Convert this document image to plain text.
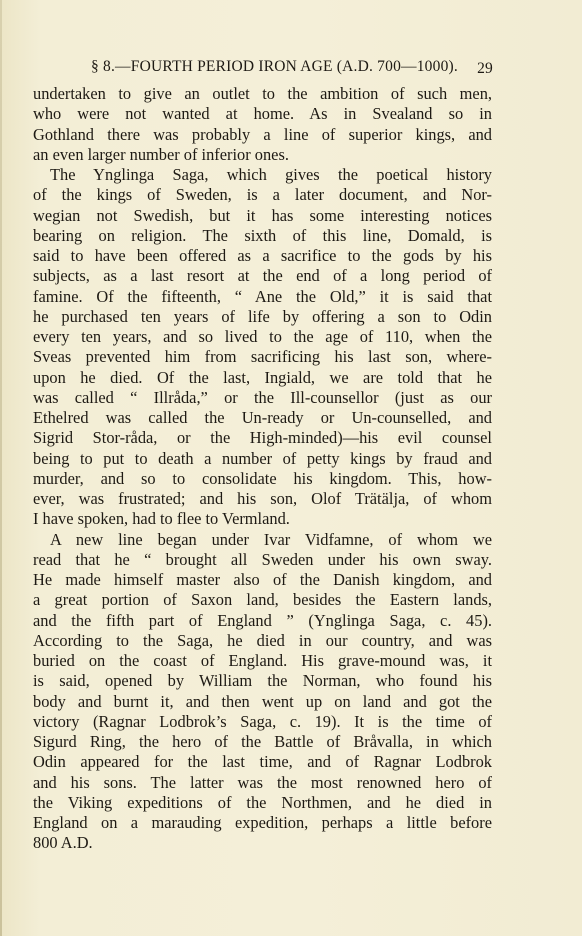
§ 8.—FOURTH PERIOD IRON AGE (A.D. 700—1000). 29
undertaken to give an outlet to the ambition of such men,
who were not wanted at home. As in Svealand so in
Gothland there was probably a line of superior kings, and
an even larger number of inferior ones.
The Ynglinga Saga, which gives the poetical history
of the kings of Sweden, is a later document, and Nor-
wegian not Swedish, but it has some interesting notices
bearing on religion. The sixth of this line, Domald, is
said to have been offered as a sacrifice to the gods by his
subjects, as a last resort at the end of a long period of
famine. Of the fifteenth, “ Ane the Old,” it is said that
he purchased ten years of life by offering a son to Odin
every ten years, and so lived to the age of 110, when the
Sveas prevented him from sacrificing his last son, where-
upon he died. Of the last, Ingiald, we are told that he
was called “ Illråda,” or the Ill-counsellor (just as our
Ethelred was called the Un-ready or Un-counselled, and
Sigrid Stor-råda, or the High-minded)—his evil counsel
being to put to death a number of petty kings by fraud and
murder, and so to consolidate his kingdom. This, how-
ever, was frustrated; and his son, Olof Trätälja, of whom
I have spoken, had to flee to Vermland.
A new line began under Ivar Vidfamne, of whom we
read that he “ brought all Sweden under his own sway.
He made himself master also of the Danish kingdom, and
a great portion of Saxon land, besides the Eastern lands,
and the fifth part of England ” (Ynglinga Saga, c. 45).
According to the Saga, he died in our country, and was
buried on the coast of England. His grave-mound was, it
is said, opened by William the Norman, who found his
body and burnt it, and then went up on land and got the
victory (Ragnar Lodbrok’s Saga, c. 19). It is the time of
Sigurd Ring, the hero of the Battle of Bråvalla, in which
Odin appeared for the last time, and of Ragnar Lodbrok
and his sons. The latter was the most renowned hero of
the Viking expeditions of the Northmen, and he died in
England on a marauding expedition, perhaps a little before
800 A.D.
